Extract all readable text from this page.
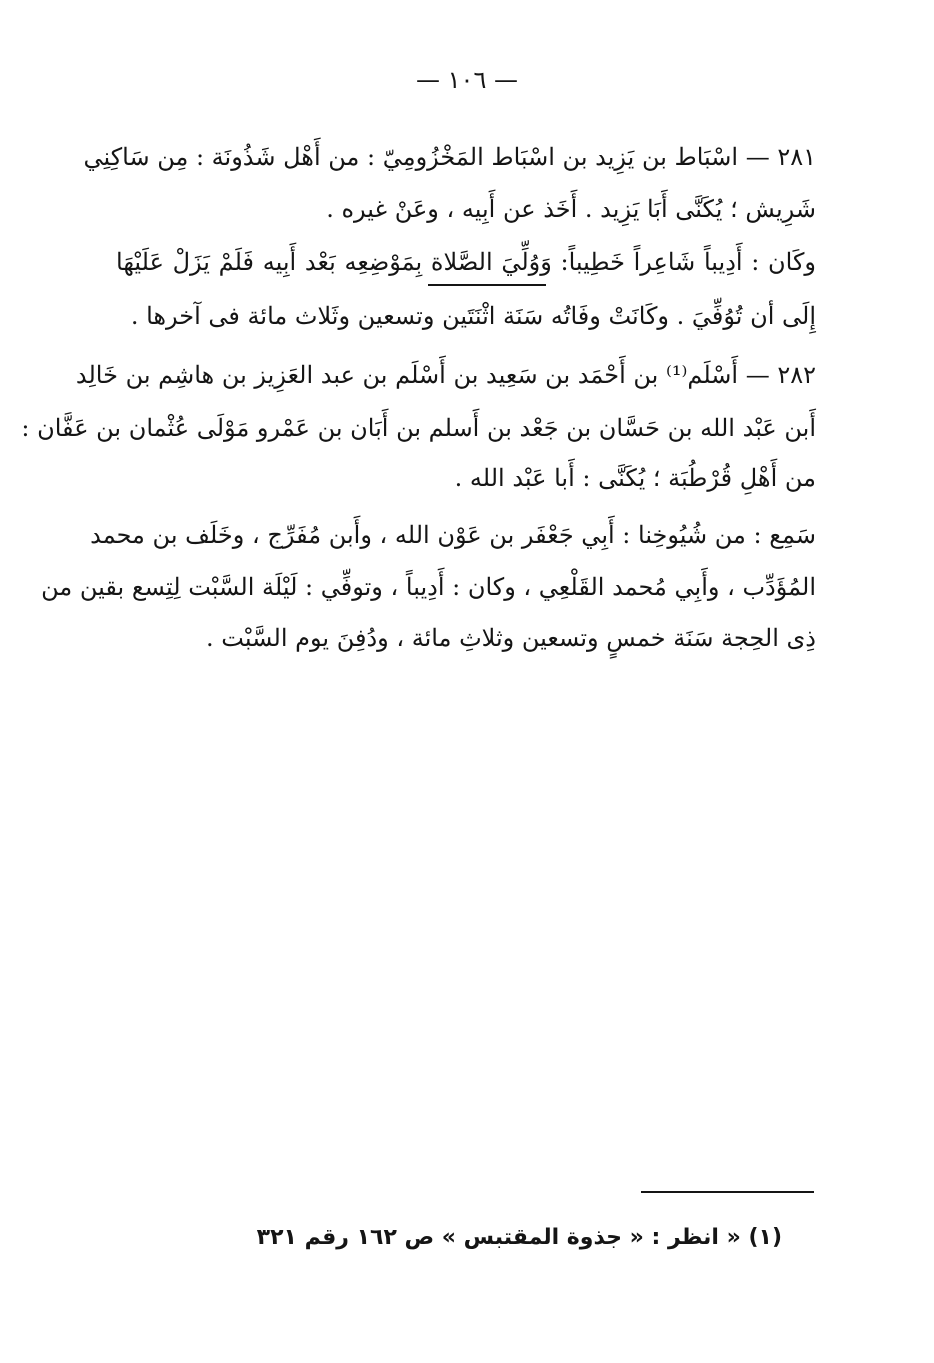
— ١٠٦ —
٢٨١ — اسْبَاط بن يَزِيد بن اسْبَاط المَخْزُومِيّ : من أَهْل شَذُونَة : مِن سَاكِنِي
شَرِيش ؛ يُكَنَّى أَبَا يَزِيد . أَخَذ عن أَبِيه ، وعَنْ غيره .
وكَان : أَدِيباً شَاعِراً خَطِيباً: وَوُلِّيَ الصَّلاة بِمَوْضِعِه بَعْد أَبِيه فَلَمْ يَزَلْ عَلَيْهَا
إِلَى أن تُوُفِّيَ . وكَانَتْ وفَاتُه سَنَة اثْنَتَين وتسعين وثَلاث مائة فى آخرها .
٢٨٢ — أَسْلَم⁽¹⁾ بن أَحْمَد بن سَعِيد بن أَسْلَم بن عبد العَزِيز بن هاشِم بن خَالِد
أَبن عَبْد الله بن حَسَّان بن جَعْد بن أَسلم بن أَبَان بن عَمْرو مَوْلَى عُثْمان بن عَفَّان :
من أَهْلِ قُرْطُبَة ؛ يُكَنَّى : أَبا عَبْد الله .
سَمِع : من شُيُوخِنا : أَبِي جَعْفَر بن عَوْن الله ، وأَبن مُفَرِّج ، وخَلَف بن محمد
المُؤَدِّب ، وأَبِي مُحمد القَلْعِي ، وكان : أَدِيباً ، وتوفِّي : لَيْلَة السَّبْت لِتِسع بقين من
ذِى الحِجة سَنَة خمسٍ وتسعين وثلاثِ مائة ، ودُفِنَ يوم السَّبْت .
(١) « انظر : « جذوة المقتبس » ص ١٦٢ رقم ٣٢١
